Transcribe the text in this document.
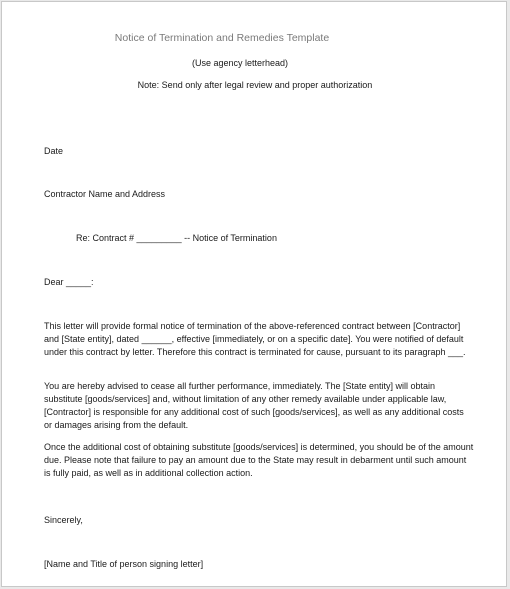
Notice of Termination and Remedies Template
(Use agency letterhead)
Note: Send only after legal review and proper authorization
Date
Contractor Name and Address
Re: Contract # _________ -- Notice of Termination
Dear _____:
This letter will provide formal notice of termination of the above-referenced contract between [Contractor] and [State entity], dated ______, effective [immediately, or on a specific date]. You were notified of default under this contract by letter. Therefore this contract is terminated for cause, pursuant to its paragraph ___.
You are hereby advised to cease all further performance, immediately. The [State entity] will obtain substitute [goods/services] and, without limitation of any other remedy available under applicable law, [Contractor] is responsible for any additional cost of such [goods/services], as well as any additional costs or damages arising from the default.
Once the additional cost of obtaining substitute [goods/services] is determined, you should be of the amount due. Please note that failure to pay an amount due to the State may result in debarment until such amount is fully paid, as well as in additional collection action.
Sincerely,
[Name and Title of person signing letter]
